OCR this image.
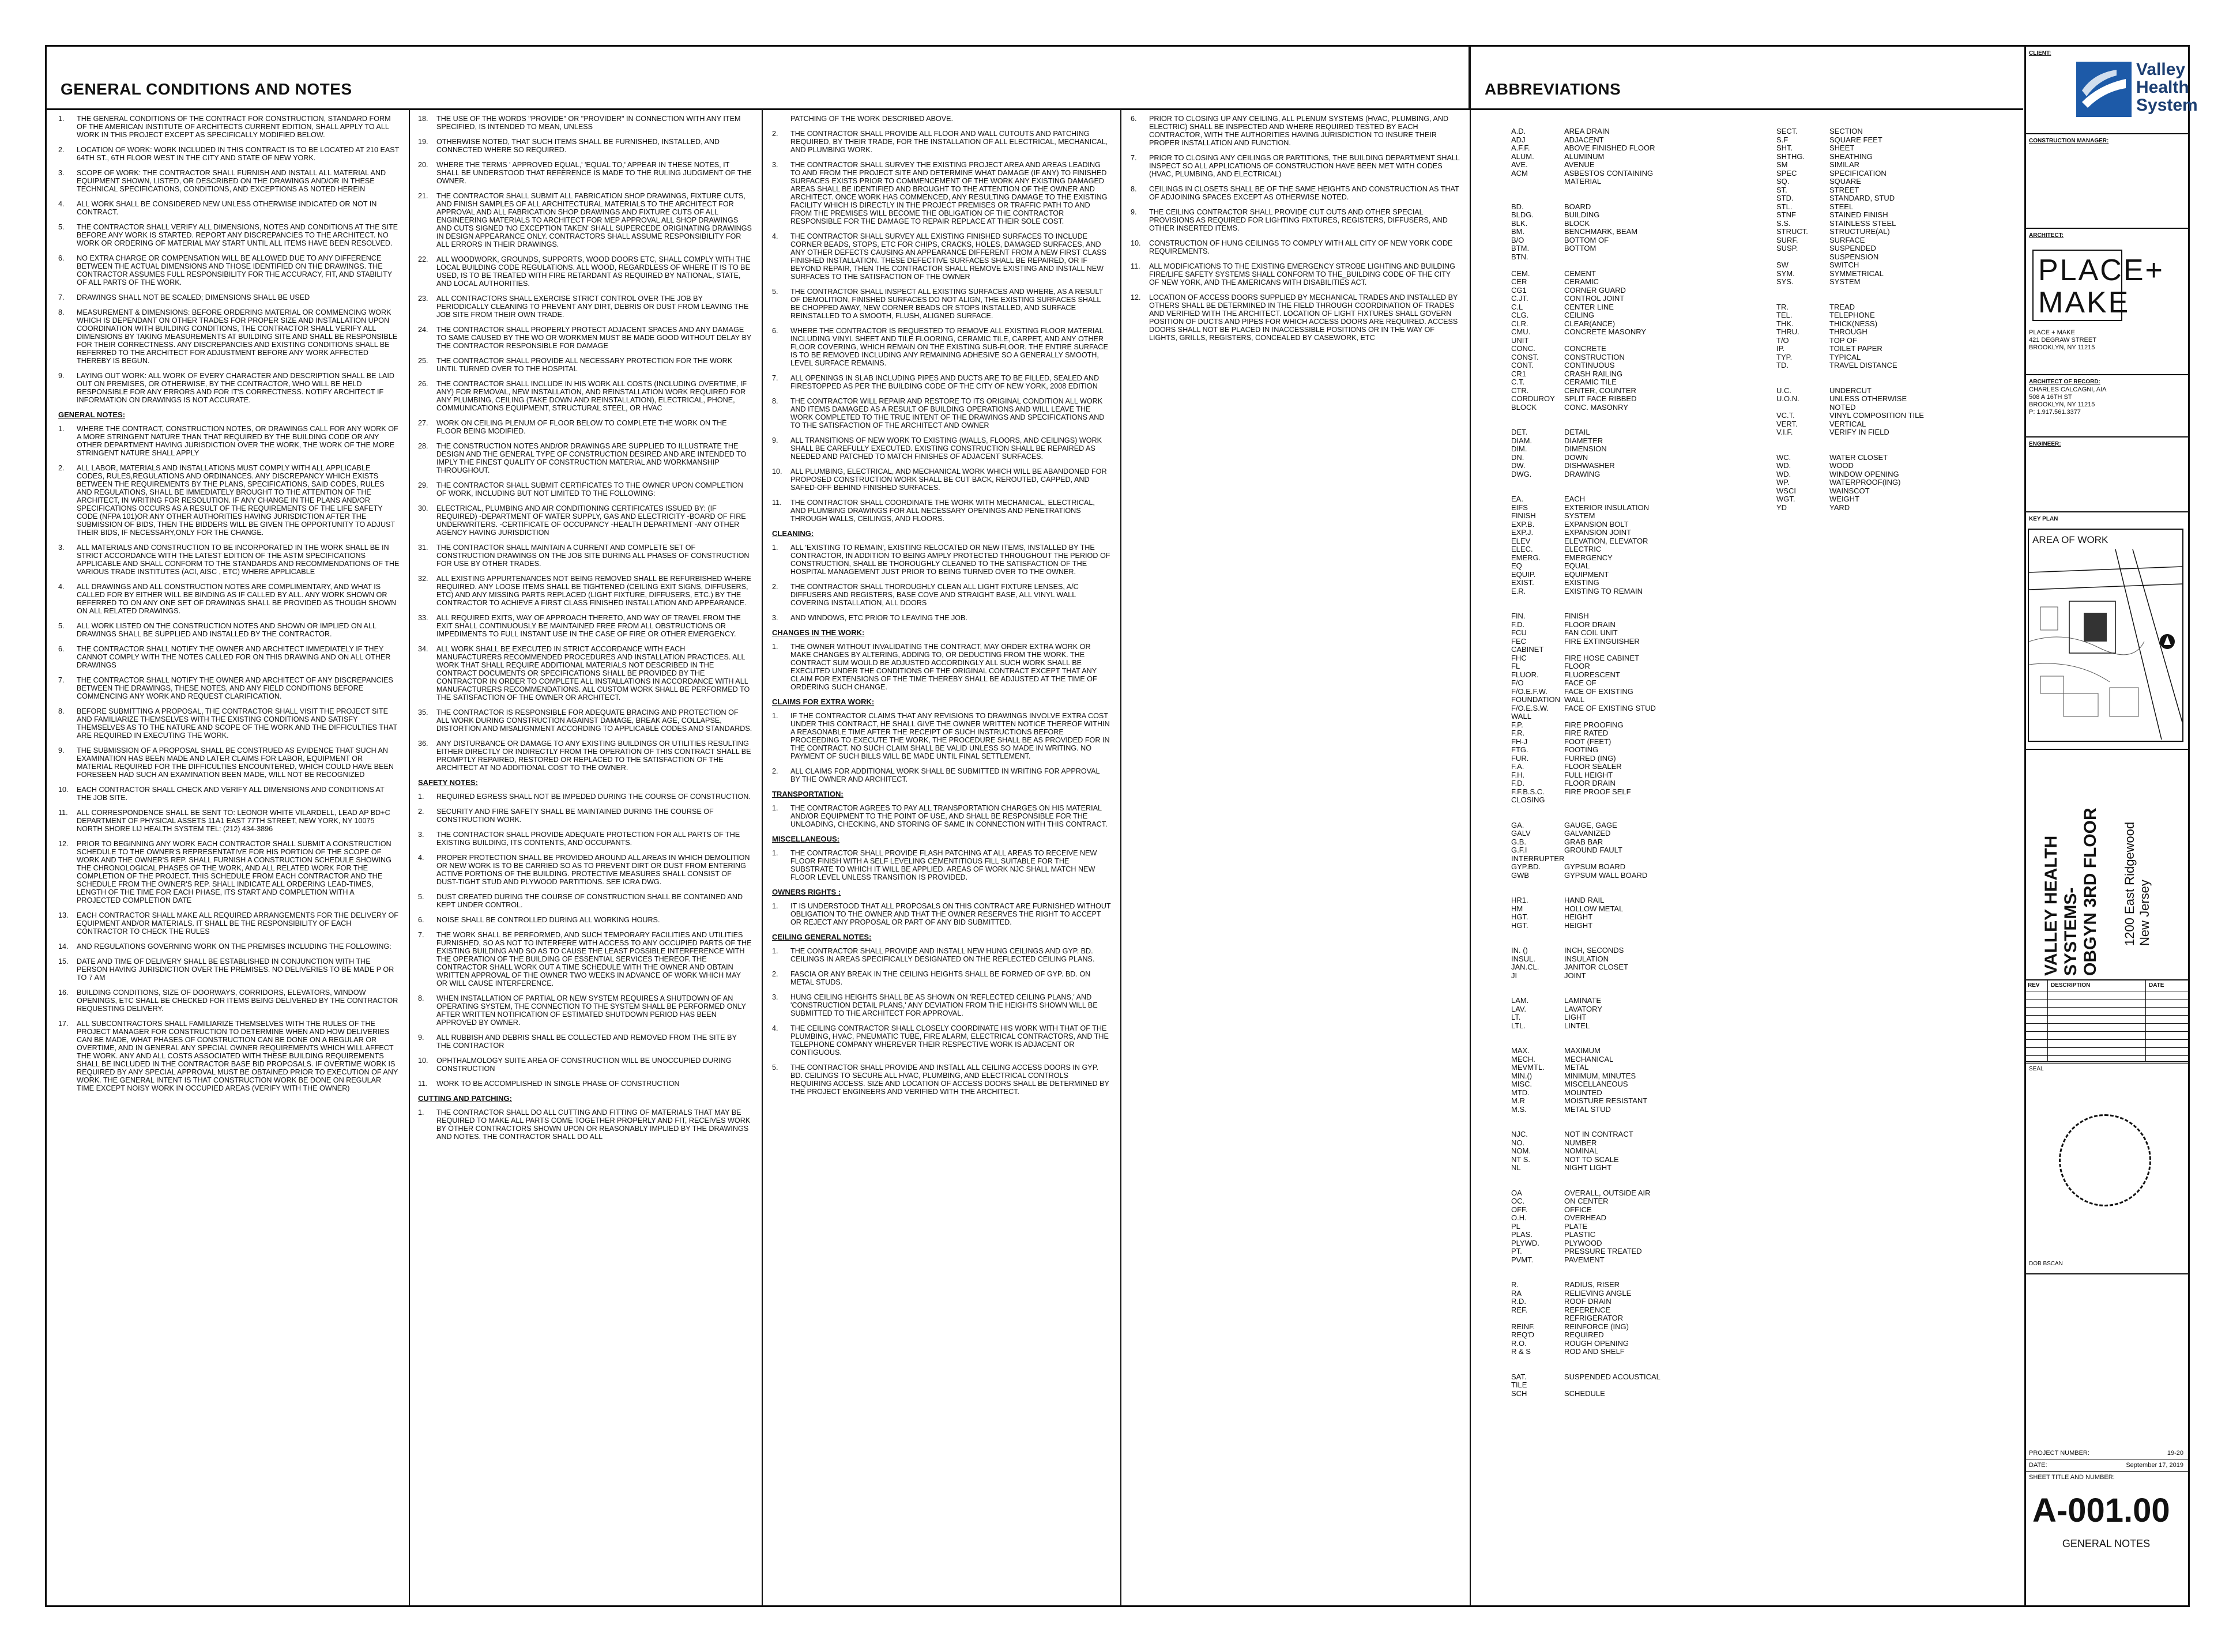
GENERAL CONDITIONS AND NOTES	ABBREVIATIONS

1.	THE GENERAL CONDITIONS OF THE CONTRACT FOR CONSTRUCTION, STANDARD FORM OF THE AMERICAN INSTITUTE OF ARCHITECTS CURRENT EDITION, SHALL APPLY TO ALL WORK IN THIS PROJECT EXCEPT AS SPECIFICALLY MODIFIED BELOW.

2.	LOCATION OF WORK: WORK INCLUDED IN THIS CONTRACT IS TO BE LOCATED AT 210 EAST 64TH ST., 6TH FLOOR WEST IN THE CITY AND STATE OF NEW YORK.

3.	SCOPE OF WORK: THE CONTRACTOR SHALL FURNISH AND INSTALL ALL MATERIAL AND EQUIPMENT SHOWN, LISTED, OR DESCRIBED ON THE DRAWINGS AND/OR IN THESE TECHNICAL SPECIFICATIONS, CONDITIONS, AND EXCEPTIONS AS NOTED HEREIN

4.	ALL WORK SHALL BE CONSIDERED NEW UNLESS OTHERWISE INDICATED OR NOT IN CONTRACT.

5.	THE CONTRACTOR SHALL VERIFY ALL DIMENSIONS, NOTES AND CONDITIONS AT THE SITE BEFORE ANY WORK IS STARTED. REPORT ANY DISCREPANCIES TO THE ARCHITECT. NO WORK OR ORDERING OF MATERIAL MAY START UNTIL ALL ITEMS HAVE BEEN RESOLVED.

6.	NO EXTRA CHARGE OR COMPENSATION WILL BE ALLOWED DUE TO ANY DIFFERENCE BETWEEN THE ACTUAL DIMENSIONS AND THOSE IDENTIFIED ON THE DRAWINGS. THE CONTRACTOR ASSUMES FULL RESPONSIBILITY FOR THE ACCURACY, FIT, AND STABILITY OF ALL PARTS OF THE WORK.

7.	DRAWINGS SHALL NOT BE SCALED; DIMENSIONS SHALL BE USED

8.	MEASUREMENT & DIMENSIONS: BEFORE ORDERING MATERIAL OR COMMENCING WORK WHICH IS DEPENDANT ON OTHER TRADES FOR PROPER SIZE AND INSTALLATION UPON COORDINATION WITH BUILDING CONDITIONS, THE CONTRACTOR SHALL VERIFY ALL DIMENSIONS BY TAKING MEASUREMENTS AT BUILDING SITE AND SHALL BE RESPONSIBLE FOR THEIR CORRECTNESS. ANY DISCREPANCIES AND EXISTING CONDITIONS SHALL BE REFERRED TO THE ARCHITECT FOR ADJUSTMENT BEFORE ANY WORK AFFECTED THEREBY IS BEGUN.

9.	LAYING OUT WORK: ALL WORK OF EVERY CHARACTER AND DESCRIPTION SHALL BE LAID OUT ON PREMISES, OR OTHERWISE, BY THE CONTRACTOR, WHO WILL BE HELD RESPONSIBLE FOR ANY ERRORS AND FOR IT'S CORRECTNESS. NOTIFY ARCHITECT IF INFORMATION ON DRAWINGS IS NOT ACCURATE.

GENERAL NOTES:

1.	WHERE THE CONTRACT, CONSTRUCTION NOTES, OR DRAWINGS CALL FOR ANY WORK OF A MORE STRINGENT NATURE THAN THAT REQUIRED BY THE BUILDING CODE OR ANY OTHER DEPARTMENT HAVING JURISDICTION OVER THE WORK, THE WORK OF THE MORE STRINGENT NATURE SHALL APPLY

2.	ALL LABOR, MATERIALS AND INSTALLATIONS MUST COMPLY WITH ALL APPLICABLE CODES, RULES,REGULATIONS AND ORDINANCES. ANY DISCREPANCY WHICH EXISTS BETWEEN THE REQUIREMENTS BY THE PLANS, SPECIFICATIONS, SAID CODES, RULES AND REGULATIONS, SHALL BE IMMEDIATELY BROUGHT TO THE ATTENTION OF THE ARCHITECT, IN WRITING FOR RESOLUTION. IF ANY CHANGE IN THE PLANS AND/OR SPECIFICATIONS OCCURS AS A RESULT OF THE REQUIREMENTS OF THE LIFE SAFETY CODE (NFPA 101)OR ANY OTHER AUTHORITIES HAVING JURISDICTION AFTER THE SUBMISSION OF BIDS, THEN THE BIDDERS WILL BE GIVEN THE OPPORTUNITY TO ADJUST THEIR BIDS, IF NECESSARY,ONLY FOR THE CHANGE.

3.	ALL MATERIALS AND CONSTRUCTION TO BE INCORPORATED IN THE WORK SHALL BE IN STRICT ACCORDANCE WITH THE LATEST EDITION OF THE ASTM SPECIFICATIONS APPLICABLE AND SHALL CONFORM TO THE STANDARDS AND RECOMMENDATIONS OF THE VARIOUS TRADE INSTITUTES (ACI, AISC , ETC) WHERE APPLICABLE

4.	ALL DRAWINGS AND ALL CONSTRUCTION NOTES ARE COMPLIMENTARY, AND WHAT IS CALLED FOR BY EITHER WILL BE BINDING AS IF CALLED BY ALL. ANY WORK SHOWN OR REFERRED TO ON ANY ONE SET OF DRAWINGS SHALL BE PROVIDED AS THOUGH SHOWN ON ALL RELATED DRAWINGS.

5.	ALL WORK LISTED ON THE CONSTRUCTION NOTES AND SHOWN OR IMPLIED ON ALL DRAWINGS SHALL BE SUPPLIED AND INSTALLED BY THE CONTRACTOR.

6.	THE CONTRACTOR SHALL NOTIFY THE OWNER AND ARCHITECT IMMEDIATELY IF THEY CANNOT COMPLY WITH THE NOTES CALLED FOR ON THIS DRAWING AND ON ALL OTHER DRAWINGS

7.	THE CONTRACTOR SHALL NOTIFY THE OWNER AND ARCHITECT OF ANY DISCREPANCIES BETWEEN THE DRAWINGS, THESE NOTES, AND ANY FIELD CONDITIONS BEFORE COMMENCING ANY WORK AND REQUEST CLARIFICATION.

8.	BEFORE SUBMITTING A PROPOSAL, THE CONTRACTOR SHALL VISIT THE PROJECT SITE AND FAMILIARIZE THEMSELVES WITH THE EXISTING CONDITIONS AND SATISFY THEMSELVES AS TO THE NATURE AND SCOPE OF THE WORK AND THE DIFFICULTIES THAT ARE REQUIRED IN EXECUTING THE WORK.

9.	THE SUBMISSION OF A PROPOSAL SHALL BE CONSTRUED AS EVIDENCE THAT SUCH AN EXAMINATION HAS BEEN MADE AND LATER CLAIMS FOR LABOR, EQUIPMENT OR MATERIAL REQUIRED FOR THE DIFFICULTIES ENCOUNTERED, WHICH COULD HAVE BEEN FORESEEN HAD SUCH AN EXAMINATION BEEN MADE, WILL NOT BE RECOGNIZED

10.	EACH CONTRACTOR SHALL CHECK AND VERIFY ALL DIMENSIONS AND CONDITIONS AT THE JOB SITE.

11.	ALL CORRESPONDENCE SHALL BE SENT TO: LEONOR WHITE VILARDELL, LEAD AP BD+C DEPARTMENT OF PHYSICAL ASSETS 11A1 EAST 77TH STREET, NEW YORK, NY 10075 NORTH SHORE LIJ HEALTH SYSTEM TEL: (212) 434-3896

12.	PRIOR TO BEGINNING ANY WORK EACH CONTRACTOR SHALL SUBMIT A CONSTRUCTION SCHEDULE TO THE OWNER'S REPRESENTATIVE FOR HIS PORTION OF THE SCOPE OF WORK AND THE OWNER'S REP. SHALL FURNISH A CONSTRUCTION SCHEDULE SHOWING THE CHRONOLOGICAL PHASES OF THE WORK, AND ALL RELATED WORK FOR THE COMPLETION OF THE PROJECT. THIS SCHEDULE FROM EACH CONTRACTOR AND THE SCHEDULE FROM THE OWNER'S REP. SHALL INDICATE ALL ORDERING LEAD-TIMES, LENGTH OF THE TIME FOR EACH PHASE, ITS START AND COMPLETION WITH A PROJECTED COMPLETION DATE

13.	EACH CONTRACTOR SHALL MAKE ALL REQUIRED ARRANGEMENTS FOR THE DELIVERY OF EQUIPMENT AND/OR MATERIALS. IT SHALL BE THE RESPONSIBILITY OF EACH CONTRACTOR TO CHECK THE RULES

14.	AND REGULATIONS GOVERNING WORK ON THE PREMISES INCLUDING THE FOLLOWING:

15.	DATE AND TIME OF DELIVERY SHALL BE ESTABLISHED IN CONJUNCTION WITH THE PERSON HAVING JURISDICTION OVER THE PREMISES. NO DELIVERIES TO BE MADE P OR TO 7 AM

16.	BUILDING CONDITIONS, SIZE OF DOORWAYS, CORRIDORS, ELEVATORS, WINDOW OPENINGS, ETC SHALL BE CHECKED FOR ITEMS BEING DELIVERED BY THE CONTRACTOR REQUESTING DELIVERY.

17.	ALL SUBCONTRACTORS SHALL FAMILIARIZE THEMSELVES WITH THE RULES OF THE PROJECT MANAGER FOR CONSTRUCTION TO DETERMINE WHEN AND HOW DELIVERIES CAN BE MADE, WHAT PHASES OF CONSTRUCTION CAN BE DONE ON A REGULAR OR OVERTIME, AND IN GENERAL ANY SPECIAL OWNER REQUIREMENTS WHICH WILL AFFECT THE WORK. ANY AND ALL COSTS ASSOCIATED WITH THESE BUILDING REQUIREMENTS SHALL BE INCLUDED IN THE CONTRACTOR BASE BID PROPOSALS. IF OVERTIME WORK IS REQUIRED BY ANY SPECIAL APPROVAL MUST BE OBTAINED PRIOR TO EXECUTION OF ANY WORK. THE GENERAL INTENT IS THAT CONSTRUCTION WORK BE DONE ON REGULAR TIME EXCEPT NOISY WORK IN OCCUPIED AREAS (VERIFY WITH THE OWNER)

18.	THE USE OF THE WORDS "PROVIDE" OR "PROVIDER" IN CONNECTION WITH ANY ITEM SPECIFIED, IS INTENDED TO MEAN, UNLESS

19.	OTHERWISE NOTED, THAT SUCH ITEMS SHALL BE FURNISHED, INSTALLED, AND CONNECTED WHERE SO REQUIRED.

20.	WHERE THE TERMS ' APPROVED EQUAL,' 'EQUAL TO,' APPEAR IN THESE NOTES, IT SHALL BE UNDERSTOOD THAT REFERENCE IS MADE TO THE RULING JUDGMENT OF THE OWNER.

21.	THE CONTRACTOR SHALL SUBMIT ALL FABRICATION SHOP DRAWINGS, FIXTURE CUTS, AND FINISH SAMPLES OF ALL ARCHITECTURAL MATERIALS TO THE ARCHITECT FOR APPROVAL AND ALL FABRICATION SHOP DRAWINGS AND FIXTURE CUTS OF ALL ENGINEERING MATERIALS TO ARCHITECT FOR MEP APPROVAL ALL SHOP DRAWINGS AND CUTS SIGNED 'NO EXCEPTION TAKEN' SHALL SUPERCEDE ORIGINATING DRAWINGS IN DESIGN APPEARANCE ONLY. CONTRACTORS SHALL ASSUME RESPONSIBILITY FOR ALL ERRORS IN THEIR DRAWINGS.

22.	ALL WOODWORK, GROUNDS, SUPPORTS, WOOD DOORS ETC, SHALL COMPLY WITH THE LOCAL BUILDING CODE REGULATIONS. ALL WOOD, REGARDLESS OF WHERE IT IS TO BE USED, IS TO BE TREATED WITH FIRE RETARDANT AS REQUIRED BY NATIONAL, STATE, AND LOCAL AUTHORITIES.

23.	ALL CONTRACTORS SHALL EXERCISE STRICT CONTROL OVER THE JOB BY PERIODICALLY CLEANING TO PREVENT ANY DIRT, DEBRIS OR DUST FROM LEAVING THE JOB SITE FROM THEIR OWN TRADE.

24.	THE CONTRACTOR SHALL PROPERLY PROTECT ADJACENT SPACES AND ANY DAMAGE TO SAME CAUSED BY THE WO OR WORKMEN MUST BE MADE GOOD WITHOUT DELAY BY THE CONTRACTOR RESPONSIBLE FOR DAMAGE

25.	THE CONTRACTOR SHALL PROVIDE ALL NECESSARY PROTECTION FOR THE WORK UNTIL TURNED OVER TO THE HOSPITAL

26.	THE CONTRACTOR SHALL INCLUDE IN HIS WORK ALL COSTS (INCLUDING OVERTIME, IF ANY) FOR REMOVAL, NEW INSTALLATION, AND REINSTALLATION WORK REQUIRED FOR ANY PLUMBING, CEILING (TAKE DOWN AND REINSTALLATION), ELECTRICAL, PHONE, COMMUNICATIONS EQUIPMENT, STRUCTURAL STEEL, OR HVAC

27.	WORK ON CEILING PLENUM OF FLOOR BELOW TO COMPLETE THE WORK ON THE FLOOR BEING MODIFIED.

28.	THE CONSTRUCTION NOTES AND/OR DRAWINGS ARE SUPPLIED TO ILLUSTRATE THE DESIGN AND THE GENERAL TYPE OF CONSTRUCTION DESIRED AND ARE INTENDED TO IMPLY THE FINEST QUALITY OF CONSTRUCTION MATERIAL AND WORKMANSHIP THROUGHOUT.

29.	THE CONTRACTOR SHALL SUBMIT CERTIFICATES TO THE OWNER UPON COMPLETION OF WORK, INCLUDING BUT NOT LIMITED TO THE FOLLOWING:

30.	ELECTRICAL, PLUMBING AND AIR CONDITIONING CERTIFICATES ISSUED BY: (IF REQUIRED) -DEPARTMENT OF WATER SUPPLY, GAS AND ELECTRICITY -BOARD OF FIRE UNDERWRITERS. -CERTIFICATE OF OCCUPANCY -HEALTH DEPARTMENT -ANY OTHER AGENCY HAVING JURISDICTION

31.	THE CONTRACTOR SHALL MAINTAIN A CURRENT AND COMPLETE SET OF CONSTRUCTION DRAWINGS ON THE JOB SITE DURING ALL PHASES OF CONSTRUCTION FOR USE BY OTHER TRADES.

32.	ALL EXISTING APPURTENANCES NOT BEING REMOVED SHALL BE REFURBISHED WHERE REQUIRED. ANY LOOSE ITEMS SHALL BE TIGHTENED (CEILING EXIT SIGNS, DIFFUSERS, ETC) AND ANY MISSING PARTS REPLACED (LIGHT FIXTURE, DIFFUSERS, ETC.) BY THE CONTRACTOR TO ACHIEVE A FIRST CLASS FINISHED INSTALLATION AND APPEARANCE.

33.	ALL REQUIRED EXITS, WAY OF APPROACH THERETO, AND WAY OF TRAVEL FROM THE EXIT SHALL CONTINUOUSLY BE MAINTAINED FREE FROM ALL OBSTRUCTIONS OR IMPEDIMENTS TO FULL INSTANT USE IN THE CASE OF FIRE OR OTHER EMERGENCY.

34.	ALL WORK SHALL BE EXECUTED IN STRICT ACCORDANCE WITH EACH MANUFACTURERS RECOMMENDED PROCEDURES AND INSTALLATION PRACTICES. ALL WORK THAT SHALL REQUIRE ADDITIONAL MATERIALS NOT DESCRIBED IN THE CONTRACT DOCUMENTS OR SPECIFICATIONS SHALL BE PROVIDED BY THE CONTRACTOR IN ORDER TO COMPLETE ALL INSTALLATIONS IN ACCORDANCE WITH ALL MANUFACTURERS RECOMMENDATIONS. ALL CUSTOM WORK SHALL BE PERFORMED TO THE SATISFACTION OF THE OWNER OR ARCHITECT.

35.	THE CONTRACTOR IS RESPONSIBLE FOR ADEQUATE BRACING AND PROTECTION OF ALL WORK DURING CONSTRUCTION AGAINST DAMAGE, BREAK AGE, COLLAPSE, DISTORTION AND MISALIGNMENT ACCORDING TO APPLICABLE CODES AND STANDARDS.

36.	ANY DISTURBANCE OR DAMAGE TO ANY EXISTING BUILDINGS OR UTILITIES RESULTING EITHER DIRECTLY OR INDIRECTLY FROM THE OPERATION OF THIS CONTRACT SHALL BE PROMPTLY REPAIRED, RESTORED OR REPLACED TO THE SATISFACTION OF THE ARCHITECT AT NO ADDITIONAL COST TO THE OWNER.

SAFETY NOTES:

1.	REQUIRED EGRESS SHALL NOT BE IMPEDED DURING THE COURSE OF CONSTRUCTION.

2.	SECURITY AND FIRE SAFETY SHALL BE MAINTAINED DURING THE COURSE OF CONSTRUCTION WORK.

3.	THE CONTRACTOR SHALL PROVIDE ADEQUATE PROTECTION FOR ALL PARTS OF THE EXISTING BUILDING, ITS CONTENTS, AND OCCUPANTS.

4.	PROPER PROTECTION SHALL BE PROVIDED AROUND ALL AREAS IN WHICH DEMOLITION OR NEW WORK IS TO BE CARRIED SO AS TO PREVENT DIRT OR DUST FROM ENTERING ACTIVE PORTIONS OF THE BUILDING. PROTECTIVE MEASURES SHALL CONSIST OF DUST-TIGHT STUD AND PLYWOOD PARTITIONS. SEE ICRA DWG.

5.	DUST CREATED DURING THE COURSE OF CONSTRUCTION SHALL BE CONTAINED AND KEPT UNDER CONTROL.

6.	NOISE SHALL BE CONTROLLED DURING ALL WORKING HOURS.

7.	THE WORK SHALL BE PERFORMED, AND SUCH TEMPORARY FACILITIES AND UTILITIES FURNISHED, SO AS NOT TO INTERFERE WITH ACCESS TO ANY OCCUPIED PARTS OF THE EXISTING BUILDING AND SO AS TO CAUSE THE LEAST POSSIBLE INTERFERENCE WITH THE OPERATION OF THE BUILDING OF ESSENTIAL SERVICES THEREOF. THE CONTRACTOR SHALL WORK OUT A TIME SCHEDULE WITH THE OWNER AND OBTAIN WRITTEN APPROVAL OF THE OWNER TWO WEEKS IN ADVANCE OF WORK WHICH MAY OR WILL CAUSE INTERFERENCE.

8.	WHEN INSTALLATION OF PARTIAL OR NEW SYSTEM REQUIRES A SHUTDOWN OF AN OPERATING SYSTEM, THE CONNECTION TO THE SYSTEM SHALL BE PERFORMED ONLY AFTER WRITTEN NOTIFICATION OF ESTIMATED SHUTDOWN PERIOD HAS BEEN APPROVED BY OWNER.

9.	ALL RUBBISH AND DEBRIS SHALL BE COLLECTED AND REMOVED FROM THE SITE BY THE CONTRACTOR

10.	OPHTHALMOLOGY SUITE AREA OF CONSTRUCTION WILL BE UNOCCUPIED DURING CONSTRUCTION

11.	WORK TO BE ACCOMPLISHED IN SINGLE PHASE OF CONSTRUCTION

CUTTING AND PATCHING:

1.	THE CONTRACTOR SHALL DO ALL CUTTING AND FITTING OF MATERIALS THAT MAY BE REQUIRED TO MAKE ALL PARTS COME TOGETHER PROPERLY AND FIT, RECEIVES WORK BY OTHER CONTRACTORS SHOWN UPON OR REASONABLY IMPLIED BY THE DRAWINGS AND NOTES. THE CONTRACTOR SHALL DO ALL

PATCHING OF THE WORK DESCRIBED ABOVE.

2.	THE CONTRACTOR SHALL PROVIDE ALL FLOOR AND WALL CUTOUTS AND PATCHING REQUIRED, BY THEIR TRADE, FOR THE INSTALLATION OF ALL ELECTRICAL, MECHANICAL, AND PLUMBING WORK.

3.	THE CONTRACTOR SHALL SURVEY THE EXISTING PROJECT AREA AND AREAS LEADING TO AND FROM THE PROJECT SITE AND DETERMINE WHAT DAMAGE (IF ANY) TO FINISHED SURFACES EXISTS PRIOR TO COMMENCEMENT OF THE WORK ANY EXISTING DAMAGED AREAS SHALL BE IDENTIFIED AND BROUGHT TO THE ATTENTION OF THE OWNER AND ARCHITECT. ONCE WORK HAS COMMENCED, ANY RESULTING DAMAGE TO THE EXISTING FACILITY WHICH IS DIRECTLY IN THE PROJECT PREMISES OR TRAFFIC PATH TO AND FROM THE PREMISES WILL BECOME THE OBLIGATION OF THE CONTRACTOR RESPONSIBLE FOR THE DAMAGE TO REPAIR REPLACE AT THEIR SOLE COST.

4.	THE CONTRACTOR SHALL SURVEY ALL EXISTING FINISHED SURFACES TO INCLUDE CORNER BEADS, STOPS, ETC FOR CHIPS, CRACKS, HOLES, DAMAGED SURFACES, AND ANY OTHER DEFECTS CAUSING AN APPEARANCE DIFFERENT FROM A NEW FIRST CLASS FINISHED INSTALLATION. THESE DEFECTIVE SURFACES SHALL BE REPAIRED, OR IF BEYOND REPAIR, THEN THE CONTRACTOR SHALL REMOVE EXISTING AND INSTALL NEW SURFACES TO THE SATISFACTION OF THE OWNER

5.	THE CONTRACTOR SHALL INSPECT ALL EXISTING SURFACES AND WHERE, AS A RESULT OF DEMOLITION, FINISHED SURFACES DO NOT ALIGN, THE EXISTING SURFACES SHALL BE CHOPPED AWAY, NEW CORNER BEADS OR STOPS INSTALLED, AND SURFACE REINSTALLED TO A SMOOTH, FLUSH, ALIGNED SURFACE.

6.	WHERE THE CONTRACTOR IS REQUESTED TO REMOVE ALL EXISTING FLOOR MATERIAL INCLUDING VINYL SHEET AND TILE FLOORING, CERAMIC TILE, CARPET, AND ANY OTHER FLOOR COVERING, WHICH REMAIN ON THE EXISTING SUB-FLOOR. THE ENTIRE SURFACE IS TO BE REMOVED INCLUDING ANY REMAINING ADHESIVE SO A GENERALLY SMOOTH, LEVEL SURFACE REMAINS.

7.	ALL OPENINGS IN SLAB INCLUDING PIPES AND DUCTS ARE TO BE FILLED, SEALED AND FIRESTOPPED AS PER THE BUILDING CODE OF THE CITY OF NEW YORK, 2008 EDITION

8.	THE CONTRACTOR WILL REPAIR AND RESTORE TO ITS ORIGINAL CONDITION ALL WORK AND ITEMS DAMAGED AS A RESULT OF BUILDING OPERATIONS AND WILL LEAVE THE WORK COMPLETED TO THE TRUE INTENT OF THE DRAWINGS AND SPECIFICATIONS AND TO THE SATISFACTION OF THE ARCHITECT AND OWNER

9.	ALL TRANSITIONS OF NEW WORK TO EXISTING (WALLS, FLOORS, AND CEILINGS) WORK SHALL BE CAREFULLY EXECUTED. EXISTING CONSTRUCTION SHALL BE REPAIRED AS NEEDED AND PATCHED TO MATCH FINISHES OF ADJACENT SURFACES.

10.	ALL PLUMBING, ELECTRICAL, AND MECHANICAL WORK WHICH WILL BE ABANDONED FOR PROPOSED CONSTRUCTION WORK SHALL BE CUT BACK, REROUTED, CAPPED, AND SAFED-OFF BEHIND FINISHED SURFACES.

11.	THE CONTRACTOR SHALL COORDINATE THE WORK WITH MECHANICAL, ELECTRICAL, AND PLUMBING DRAWINGS FOR ALL NECESSARY OPENINGS AND PENETRATIONS THROUGH WALLS, CEILINGS, AND FLOORS.

CLEANING:

1.	ALL 'EXISTING TO REMAIN', EXISTING RELOCATED OR NEW ITEMS, INSTALLED BY THE CONTRACTOR, IN ADDITION TO BEING AMPLY PROTECTED THROUGHOUT THE PERIOD OF CONSTRUCTION, SHALL BE THOROUGHLY CLEANED TO THE SATISFACTION OF THE HOSPITAL MANAGEMENT JUST PRIOR TO BEING TURNED OVER TO THE OWNER.

2.	THE CONTRACTOR SHALL THOROUGHLY CLEAN ALL LIGHT FIXTURE LENSES, A/C DIFFUSERS AND REGISTERS, BASE COVE AND STRAIGHT BASE, ALL VINYL WALL COVERING INSTALLATION, ALL DOORS

3.	AND WINDOWS, ETC PRIOR TO LEAVING THE JOB.

CHANGES IN THE WORK:

1.	THE OWNER WITHOUT INVALIDATING THE CONTRACT, MAY ORDER EXTRA WORK OR MAKE CHANGES BY ALTERING, ADDING TO, OR DEDUCTING FROM THE WORK. THE CONTRACT SUM WOULD BE ADJUSTED ACCORDINGLY ALL SUCH WORK SHALL BE EXECUTED UNDER THE CONDITIONS OF THE ORIGINAL CONTRACT EXCEPT THAT ANY CLAIM FOR EXTENSIONS OF THE TIME THEREBY SHALL BE ADJUSTED AT THE TIME OF ORDERING SUCH CHANGE.

CLAIMS FOR EXTRA WORK:

1.	IF THE CONTRACTOR CLAIMS THAT ANY REVISIONS TO DRAWINGS INVOLVE EXTRA COST UNDER THIS CONTRACT, HE SHALL GIVE THE OWNER WRITTEN NOTICE THEREOF WITHIN A REASONABLE TIME AFTER THE RECEIPT OF SUCH INSTRUCTIONS BEFORE PROCEEDING TO EXECUTE THE WORK, THE PROCEDURE SHALL BE AS PROVIDED FOR IN THE CONTRACT. NO SUCH CLAIM SHALL BE VALID UNLESS SO MADE IN WRITING. NO PAYMENT OF SUCH BILLS WILL BE MADE UNTIL FINAL SETTLEMENT.

2.	ALL CLAIMS FOR ADDITIONAL WORK SHALL BE SUBMITTED IN WRITING FOR APPROVAL BY THE OWNER AND ARCHITECT.

TRANSPORTATION:

1.	THE CONTRACTOR AGREES TO PAY ALL TRANSPORTATION CHARGES ON HIS MATERIAL AND/OR EQUIPMENT TO THE POINT OF USE, AND SHALL BE RESPONSIBLE FOR THE UNLOADING, CHECKING, AND STORING OF SAME IN CONNECTION WITH THIS CONTRACT.

MISCELLANEOUS:

1.	THE CONTRACTOR SHALL PROVIDE FLASH PATCHING AT ALL AREAS TO RECEIVE NEW FLOOR FINISH WITH A SELF LEVELING CEMENTITIOUS FILL SUITABLE FOR THE SUBSTRATE TO WHICH IT WILL BE APPLIED. AREAS OF WORK NJC SHALL MATCH NEW FLOOR LEVEL UNLESS TRANSITION IS PROVIDED.

OWNERS RIGHTS :

1.	IT IS UNDERSTOOD THAT ALL PROPOSALS ON THIS CONTRACT ARE FURNISHED WITHOUT OBLIGATION TO THE OWNER AND THAT THE OWNER RESERVES THE RIGHT TO ACCEPT OR REJECT ANY PROPOSAL OR PART OF ANY BID SUBMITTED.

CEILING GENERAL NOTES:

1.	THE CONTRACTOR SHALL PROVIDE AND INSTALL NEW HUNG CEILINGS AND GYP. BD. CEILINGS IN AREAS SPECIFICALLY DESIGNATED ON THE REFLECTED CEILING PLANS.

2.	FASCIA OR ANY BREAK IN THE CEILING HEIGHTS SHALL BE FORMED OF GYP. BD. ON METAL STUDS.

3.	HUNG CEILING HEIGHTS SHALL BE AS SHOWN ON 'REFLECTED CEILING PLANS,' AND 'CONSTRUCTION DETAIL PLANS,' ANY DEVIATION FROM THE HEIGHTS SHOWN WILL BE SUBMITTED TO THE ARCHITECT FOR APPROVAL.

4.	THE CEILING CONTRACTOR SHALL CLOSELY COORDINATE HIS WORK WITH THAT OF THE PLUMBING, HVAC, PNEUMATIC TUBE, FIRE ALARM, ELECTRICAL CONTRACTORS, AND THE TELEPHONE COMPANY WHEREVER THEIR RESPECTIVE WORK IS ADJACENT OR CONTIGUOUS.

5.	THE CONTRACTOR SHALL PROVIDE AND INSTALL ALL CEILING ACCESS DOORS IN GYP. BD. CEILINGS TO SECURE ALL HVAC, PLUMBING, AND ELECTRICAL CONTROLS REQUIRING ACCESS. SIZE AND LOCATION OF ACCESS DOORS SHALL BE DETERMINED BY THE PROJECT ENGINEERS AND VERIFIED WITH THE ARCHITECT.

6.	PRIOR TO CLOSING UP ANY CEILING, ALL PLENUM SYSTEMS (HVAC, PLUMBING, AND ELECTRIC) SHALL BE INSPECTED AND WHERE REQUIRED TESTED BY EACH CONTRACTOR, WITH THE AUTHORITIES HAVING JURISDICTION TO INSURE THEIR PROPER INSTALLATION AND FUNCTION.

7.	PRIOR TO CLOSING ANY CEILINGS OR PARTITIONS, THE BUILDING DEPARTMENT SHALL INSPECT SO ALL APPLICATIONS OF CONSTRUCTION HAVE BEEN MET WITH CODES (HVAC, PLUMBING, AND ELECTRICAL)

8.	CEILINGS IN CLOSETS SHALL BE OF THE SAME HEIGHTS AND CONSTRUCTION AS THAT OF ADJOINING SPACES EXCEPT AS OTHERWISE NOTED.

9.	THE CEILING CONTRACTOR SHALL PROVIDE CUT OUTS AND OTHER SPECIAL PROVISIONS AS REQUIRED FOR LIGHTING FIXTURES, REGISTERS, DIFFUSERS, AND OTHER INSERTED ITEMS.

10.	CONSTRUCTION OF HUNG CEILINGS TO COMPLY WITH ALL CITY OF NEW YORK CODE REQUIREMENTS.

11.	ALL MODIFICATIONS TO THE EXISTING EMERGENCY STROBE LIGHTING AND BUILDING FIRE/LIFE SAFETY SYSTEMS SHALL CONFORM TO THE_BUILDING CODE OF THE CITY OF NEW YORK, AND THE AMERICANS WITH DISABILITIES ACT.

12.	LOCATION OF ACCESS DOORS SUPPLIED BY MECHANICAL TRADES AND INSTALLED BY OTHERS SHALL BE DETERMINED IN THE FIELD THROUGH COORDINATION OF TRADES AND VERIFIED WITH THE ARCHITECT. LOCATION OF LIGHT FIXTURES SHALL GOVERN POSITION OF DUCTS AND PIPES FOR WHICH ACCESS DOORS ARE REQUIRED. ACCESS DOORS SHALL NOT BE PLACED IN INACCESSIBLE POSITIONS OR IN THE WAY OF LIGHTS, GRILLS, REGISTERS, CONCEALED BY CASEWORK, ETC

A.D.	AREA DRAIN
ADJ	ADJACENT
A.F.F.	ABOVE FINISHED FLOOR
ALUM.	ALUMINUM
AVE.	AVENUE
ACM	ASBESTOS CONTAINING
MATERIAL
BD.	BOARD
BLDG.	BUILDING
BLK.	BLOCK
BM.	BENCHMARK, BEAM
B/O	BOTTOM OF
BTM.	BOTTOM
BTN.
CEM.	CEMENT
CER	CERAMIC
CG1	CORNER GUARD
C.JT.	CONTROL JOINT
C.L	CENTER LINE
CLG.	CEILING
CLR.	CLEAR(ANCE)
CMU.	CONCRETE MASONRY
UNIT
CONC.	CONCRETE
CONST.	CONSTRUCTION
CONT.	CONTINUOUS
CR1	CRASH RAILING
C.T.	CERAMIC TILE
CTR.	CENTER, COUNTER
CORDUROY	SPLIT FACE RIBBED
BLOCK	CONC. MASONRY
DET.	DETAIL
DIAM.	DIAMETER
DIM.	DIMENSION
DN.	DOWN
DW.	DISHWASHER
DWG.	DRAWING
EA.	EACH
EIFS	EXTERIOR INSULATION
FINISH	SYSTEM
EXP.B.	EXPANSION BOLT
EXP.J.	EXPANSION JOINT
ELEV	ELEVATION, ELEVATOR
ELEC.	ELECTRIC
EMERG.	EMERGENCY
EQ	EQUAL
EQUIP.	EQUIPMENT
EXIST.	EXISTING
E.R.	EXISTING TO REMAIN
FIN.	FINISH
F.D.	FLOOR DRAIN
FCU	FAN COIL UNIT
FEC	FIRE EXTINGUISHER
CABINET
FHC	FIRE HOSE CABINET
FL	FLOOR
FLUOR.	FLUORESCENT
F/O	FACE OF
F/O.E.F.W.	FACE OF EXISTING
FOUNDATION WALL
F/O.E.S.W.	FACE OF EXISTING STUD
WALL
F.P.	FIRE PROOFING
F.R.	FIRE RATED
FH-J	FOOT (FEET)
FTG.	FOOTING
FUR.	FURRED (ING)
F.A.	FLOOR SEALER
F.H.	FULL HEIGHT
F.D.	FLOOR DRAIN
F.F.B.S.C.	FIRE PROOF SELF
CLOSING
GA.	GAUGE, GAGE
GALV	GALVANIZED
G.B.	GRAB BAR
G.F.I	GROUND FAULT
INTERRUPTER
GYP.BD.	GYPSUM BOARD
GWB	GYPSUM WALL BOARD
HR1.	HAND RAIL
HM	HOLLOW METAL
HGT.	HEIGHT
HGT.	HEIGHT
IN. ()	INCH, SECONDS
INSUL.	INSULATION
JAN.CL.	JANITOR CLOSET
JI	JOINT
LAM.	LAMINATE
LAV.	LAVATORY
LT.	LIGHT
LTL.	LINTEL
MAX.	MAXIMUM
MECH.	MECHANICAL
MEVMTL.	METAL
MIN.()	MINIMUM, MINUTES
MISC.	MISCELLANEOUS
MTD.	MOUNTED
M.R	MOISTURE RESISTANT
M.S.	METAL STUD
NJC.	NOT IN CONTRACT
NO.	NUMBER
NOM.	NOMINAL
NT S.	NOT TO SCALE
NL	NIGHT LIGHT
OA	OVERALL, OUTSIDE AIR
OC.	ON CENTER
OFF.	OFFICE
O.H.	OVERHEAD
PL	PLATE
PLAS.	PLASTIC
PLYWD.	PLYWOOD
PT.	PRESSURE TREATED
PVMT.	PAVEMENT
R.	RADIUS, RISER
RA	RELIEVING ANGLE
R.D.	ROOF DRAIN
REF.	REFERENCE
REFRIGERATOR
REINF.	REINFORCE (ING)
REQ'D	REQUIRED
R.O.	ROUGH OPENING
R & S	ROD AND SHELF
SAT.	SUSPENDED ACOUSTICAL
TILE
SCH	SCHEDULE
SECT.	SECTION
S.F	SQUARE FEET
SHT.	SHEET
SHTHG.	SHEATHING
SM	SIMILAR
SPEC	SPECIFICATION
SQ.	SQUARE
ST.	STREET
STD.	STANDARD, STUD
STL.	STEEL
STNF	STAINED FINISH
S.S.	STAINLESS STEEL
STRUCT.	STRUCTURE(AL)
SURF.	SURFACE
SUSP.	SUSPENDED
SUSPENSION
SW	SWITCH
SYM.	SYMMETRICAL
SYS.	SYSTEM
TR.	TREAD
TEL.	TELEPHONE
THK.	THICK(NESS)
THRU.	THROUGH
T/O	TOP OF
IP.	TOILET PAPER
TYP.	TYPICAL
TD.	TRAVEL DISTANCE
U.C.	UNDERCUT
U.O.N.	UNLESS OTHERWISE
NOTED
VC.T.	VINYL COMPOSITION TILE
VERT.	VERTICAL
V.I.F.	VERIFY IN FIELD
WC.	WATER CLOSET
WD.	WOOD
WD.	WINDOW OPENING
WP.	WATERPROOF(ING)
WSCI	WAINSCOT
WGT.	WEIGHT
YD	YARD
CLIENT:
Valley
Health
System
CONSTRUCTION MANAGER:
ARCHITECT:
PLACE+
MAKE
PLACE + MAKE
421 DEGRAW STREET
BROOKLYN, NY 11215
ARCHITECT OF RECORD:
CHARLES CALCAGNI, AIA
508 A 16TH ST
BROOKLYN, NY 11215
P: 1.917.561.3377
ENGINEER:
KEY PLAN
AREA OF WORK
VALLEY HEALTH SYSTEMS- OBGYN 3RD FLOOR 1200 East Ridgewood New Jersey
REV	DESCRIPTION	DATE
SEAL
DOB BSCAN
PROJECT NUMBER:	19-20
DATE:	September 17, 2019
SHEET TITLE AND NUMBER:
A-001.00
GENERAL NOTES
